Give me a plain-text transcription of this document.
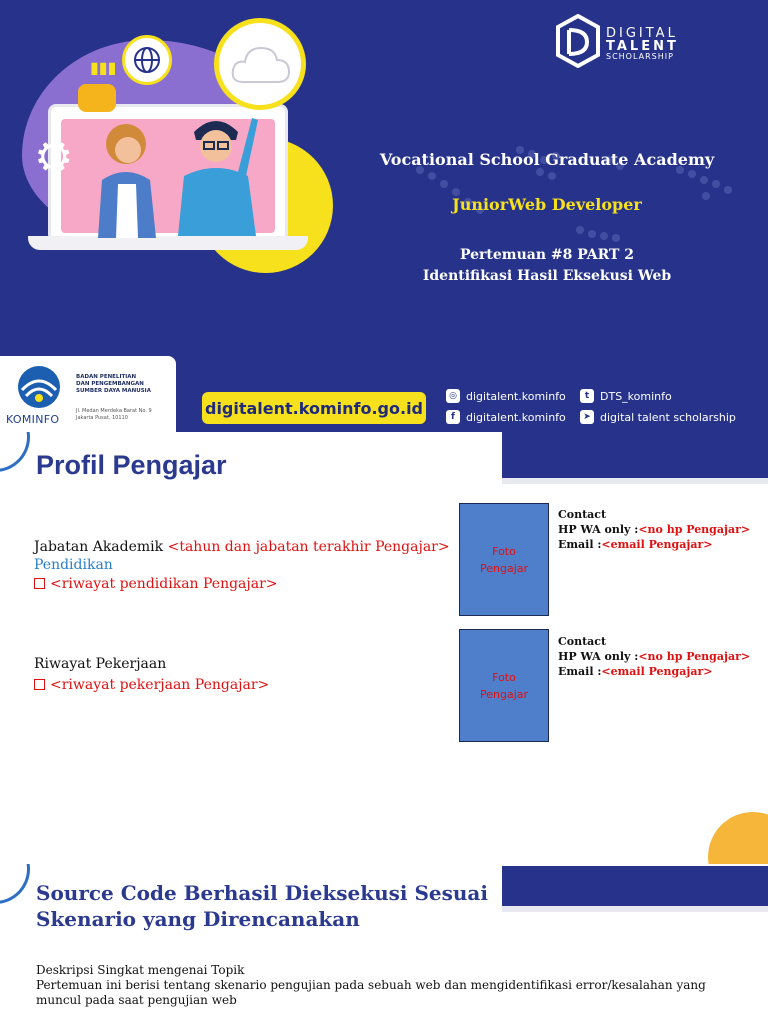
⚙
▮▮▮
DIGITAL
TALENT
SCHOLARSHIP
Vocational School Graduate Academy
JuniorWeb Developer
Pertemuan #8 PART 2
Identifikasi Hasil Eksekusi Web
KOMINFO
BADAN PENELITIAN
DAN PENGEMBANGAN
SUMBER DAYA MANUSIA
Jl. Medan Merdeka Barat No. 9
Jakarta Pusat, 10110
digitalent.kominfo.go.id
◎ digitalent.kominfo	t DTS_kominfo
f	digitalent.kominfo	➤ digital talent scholarship
Profil Pengajar
Jabatan Akademik <tahun dan jabatan terakhir Pengajar>
Pendidikan
<riwayat pendidikan Pengajar>
Riwayat Pekerjaan
<riwayat pekerjaan Pengajar>
Foto
Pengajar
Contact
HP WA only :<no hp Pengajar>
Email :<email Pengajar>
Foto
Pengajar
Contact
HP WA only :<no hp Pengajar>
Email :<email Pengajar>
Source Code Berhasil Dieksekusi Sesuai
Skenario yang Direncanakan
Deskripsi Singkat mengenai Topik
Pertemuan ini berisi tentang skenario pengujian pada sebuah web dan mengidentifikasi error/kesalahan yang
muncul pada saat pengujian web
